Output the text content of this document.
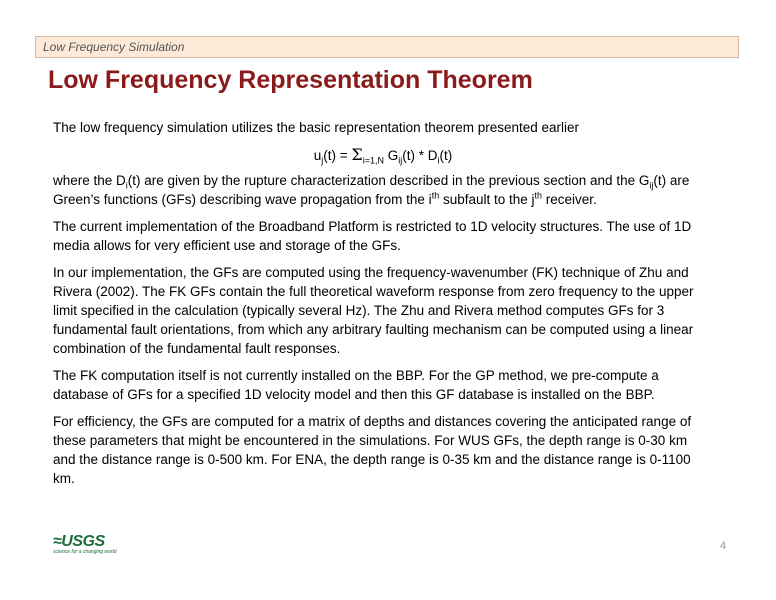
Low Frequency Simulation
Low Frequency Representation Theorem

The low frequency simulation utilizes the basic representation theorem presented earlier

$u_j(t) = \Sigma_{i=1,N}$ $G_{ij}(t) * D_i(t)$

where the $D_i(t)$ are given by the rupture characterization described in the previous section and the $G_{ij}(t)$ are Green’s functions (GFs) describing wave propagation from the $i^{th}$ subfault to the $j^{th}$ receiver.

The current implementation of the Broadband Platform is restricted to 1D velocity structures. The use of 1D media allows for very efficient use and storage of the GFs.

In our implementation, the GFs are computed using the frequency-wavenumber (FK) technique of Zhu and Rivera (2002). The FK GFs contain the full theoretical waveform response from zero frequency to the upper limit specified in the calculation (typically several Hz). The Zhu and Rivera method computes GFs for 3 fundamental fault orientations, from which any arbitrary faulting mechanism can be computed using a linear combination of the fundamental fault responses.

The FK computation itself is not currently installed on the BBP. For the GP method, we pre-compute a database of GFs for a specified 1D velocity model and then this GF database is installed on the BBP.

For efficiency, the GFs are computed for a matrix of depths and distances covering the anticipated range of these parameters that might be encountered in the simulations. For WUS GFs, the depth range is 0-30 km and the distance range is 0-500 km. For ENA, the depth range is 0-35 km and the distance range is 0-1100 km.

≈USGS
science for a changing world	4
